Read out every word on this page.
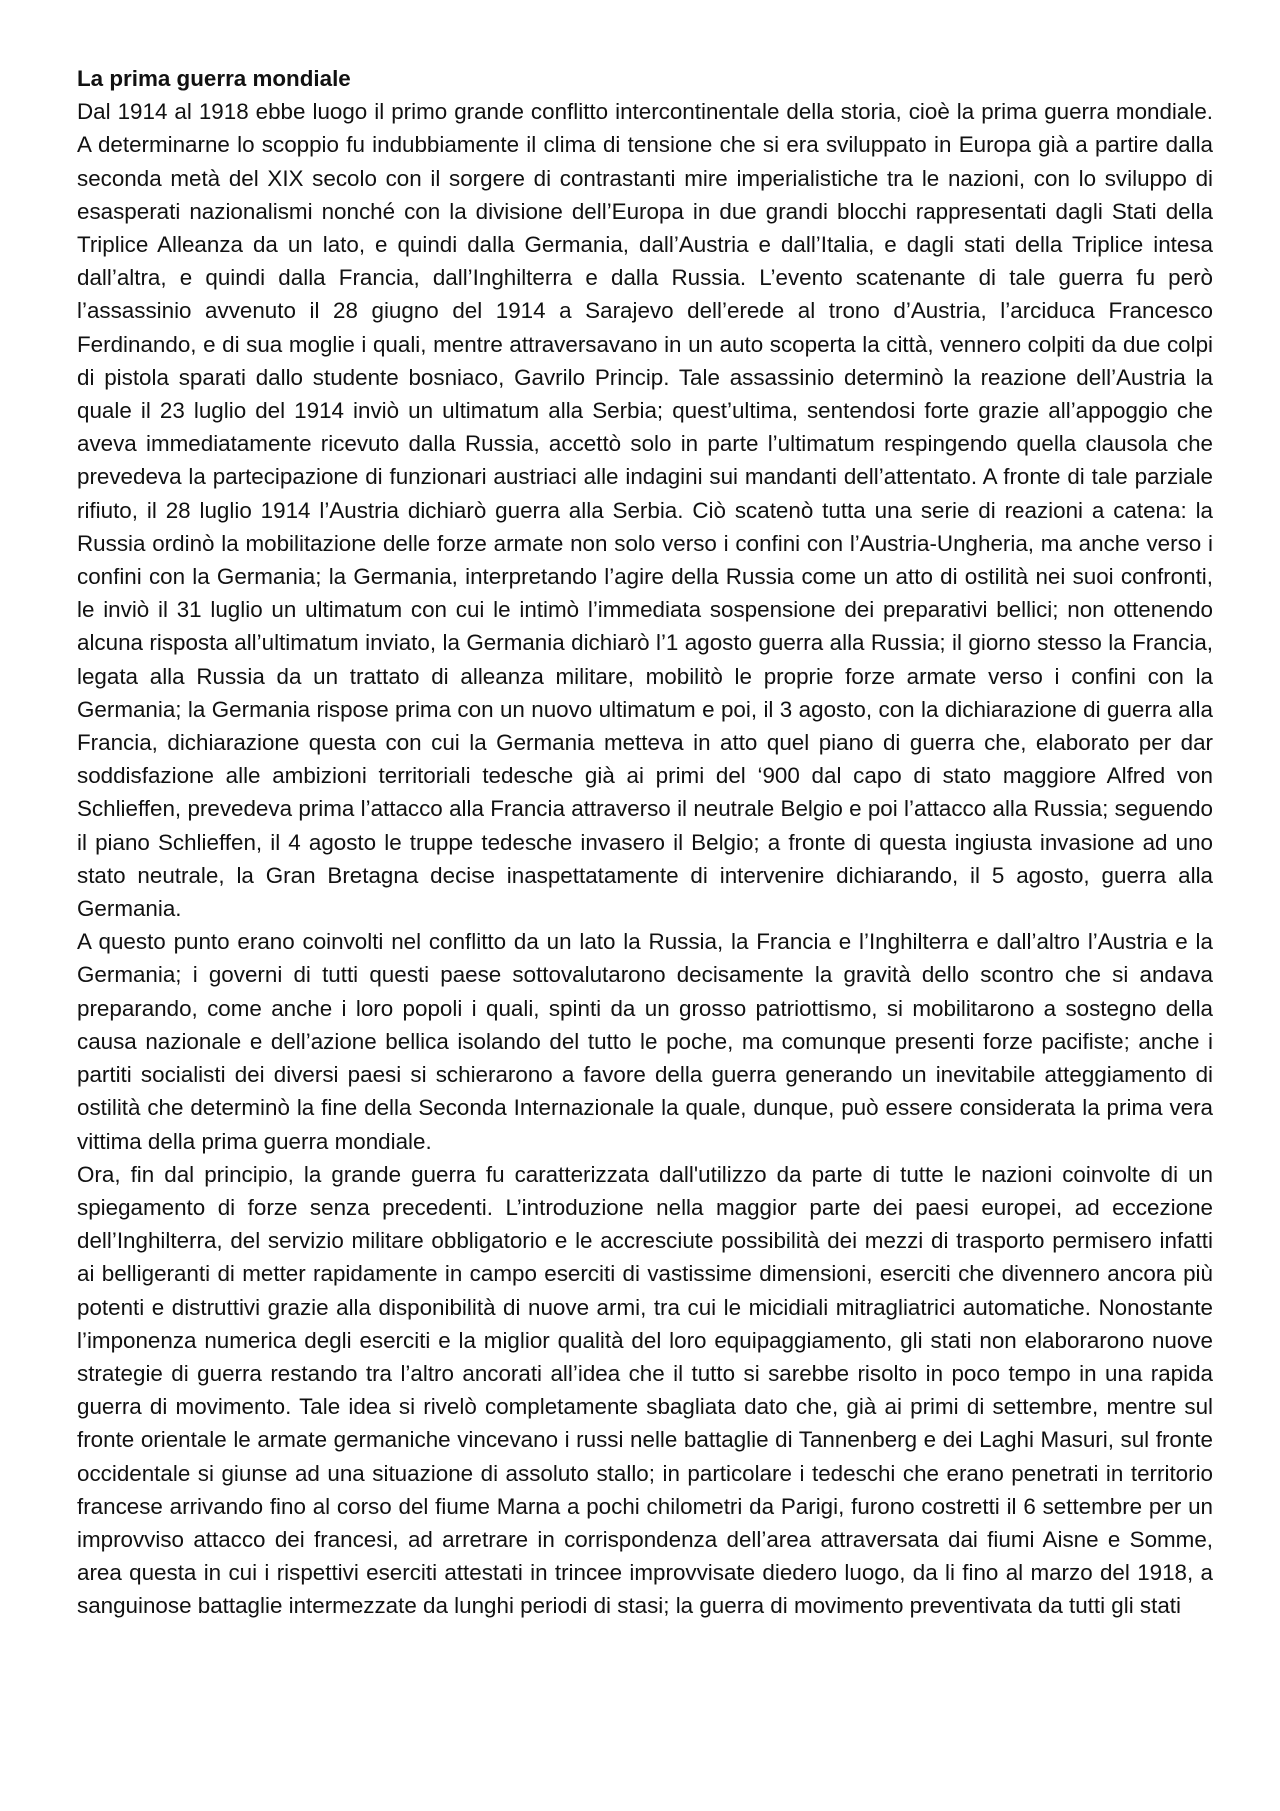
La prima guerra mondiale

Dal 1914 al 1918 ebbe luogo il primo grande conflitto intercontinentale della storia, cioè la prima guerra mondiale. A determinarne lo scoppio fu indubbiamente il clima di tensione che si era sviluppato in Europa già a partire dalla seconda metà del XIX secolo con il sorgere di contrastanti mire imperialistiche tra le nazioni, con lo sviluppo di esasperati nazionalismi nonché con la divisione dell’Europa in due grandi blocchi rappresentati dagli Stati della Triplice Alleanza da un lato, e quindi dalla Germania, dall’Austria e dall’Italia, e dagli stati della Triplice intesa dall’altra, e quindi dalla Francia, dall’Inghilterra e dalla Russia. L’evento scatenante di tale guerra fu però l’assassinio avvenuto il 28 giugno del 1914 a Sarajevo dell’erede al trono d’Austria, l’arciduca Francesco Ferdinando, e di sua moglie i quali, mentre attraversavano in un auto scoperta la città, vennero colpiti da due colpi di pistola sparati dallo studente bosniaco, Gavrilo Princip. Tale assassinio determinò la reazione dell’Austria la quale il 23 luglio del 1914 inviò un ultimatum alla Serbia; quest’ultima, sentendosi forte grazie all’appoggio che aveva immediatamente ricevuto dalla Russia, accettò solo in parte l’ultimatum respingendo quella clausola che prevedeva la partecipazione di funzionari austriaci alle indagini sui mandanti dell’attentato. A fronte di tale parziale rifiuto, il 28 luglio 1914 l’Austria dichiarò guerra alla Serbia. Ciò scatenò tutta una serie di reazioni a catena: la Russia ordinò la mobilitazione delle forze armate non solo verso i confini con l’Austria-Ungheria, ma anche verso i confini con la Germania; la Germania, interpretando l’agire della Russia come un atto di ostilità nei suoi confronti, le inviò il 31 luglio un ultimatum con cui le intimò l’immediata sospensione dei preparativi bellici; non ottenendo alcuna risposta all’ultimatum inviato, la Germania dichiarò l’1 agosto guerra alla Russia; il giorno stesso la Francia, legata alla Russia da un trattato di alleanza militare, mobilitò le proprie forze armate verso i confini con la Germania; la Germania rispose prima con un nuovo ultimatum e poi, il 3 agosto, con la dichiarazione di guerra alla Francia, dichiarazione questa con cui la Germania metteva in atto quel piano di guerra che, elaborato per dar soddisfazione alle ambizioni territoriali tedesche già ai primi del ‘900 dal capo di stato maggiore Alfred von Schlieffen, prevedeva prima l’attacco alla Francia attraverso il neutrale Belgio e poi l’attacco alla Russia; seguendo il piano Schlieffen, il 4 agosto le truppe tedesche invasero il Belgio; a fronte di questa ingiusta invasione ad uno stato neutrale, la Gran Bretagna decise inaspettatamente di intervenire dichiarando, il 5 agosto, guerra alla Germania.

A questo punto erano coinvolti nel conflitto da un lato la Russia, la Francia e l’Inghilterra e dall’altro l’Austria e la Germania; i governi di tutti questi paese sottovalutarono decisamente la gravità dello scontro che si andava preparando, come anche i loro popoli i quali, spinti da un grosso patriottismo, si mobilitarono a sostegno della causa nazionale e dell’azione bellica isolando del tutto le poche, ma comunque presenti forze pacifiste; anche i partiti socialisti dei diversi paesi si schierarono a favore della guerra generando un inevitabile atteggiamento di ostilità che determinò la fine della Seconda Internazionale la quale, dunque, può essere considerata la prima vera vittima della prima guerra mondiale.

Ora, fin dal principio, la grande guerra fu caratterizzata dall'utilizzo da parte di tutte le nazioni coinvolte di un spiegamento di forze senza precedenti. L’introduzione nella maggior parte dei paesi europei, ad eccezione dell’Inghilterra, del servizio militare obbligatorio e le accresciute possibilità dei mezzi di trasporto permisero infatti ai belligeranti di metter rapidamente in campo eserciti di vastissime dimensioni, eserciti che divennero ancora più potenti e distruttivi grazie alla disponibilità di nuove armi, tra cui le micidiali mitragliatrici automatiche. Nonostante l’imponenza numerica degli eserciti e la miglior qualità del loro equipaggiamento, gli stati non elaborarono nuove strategie di guerra restando tra l’altro ancorati all’idea che il tutto si sarebbe risolto in poco tempo in una rapida guerra di movimento. Tale idea si rivelò completamente sbagliata dato che, già ai primi di settembre, mentre sul fronte orientale le armate germaniche vincevano i russi nelle battaglie di Tannenberg e dei Laghi Masuri, sul fronte occidentale si giunse ad una situazione di assoluto stallo; in particolare i tedeschi che erano penetrati in territorio francese arrivando fino al corso del fiume Marna a pochi chilometri da Parigi, furono costretti il 6 settembre per un improvviso attacco dei francesi, ad arretrare in corrispondenza dell’area attraversata dai fiumi Aisne e Somme, area questa in cui i rispettivi eserciti attestati in trincee improvvisate diedero luogo, da li fino al marzo del 1918, a sanguinose battaglie intermezzate da lunghi periodi di stasi; la guerra di movimento preventivata da tutti gli stati
